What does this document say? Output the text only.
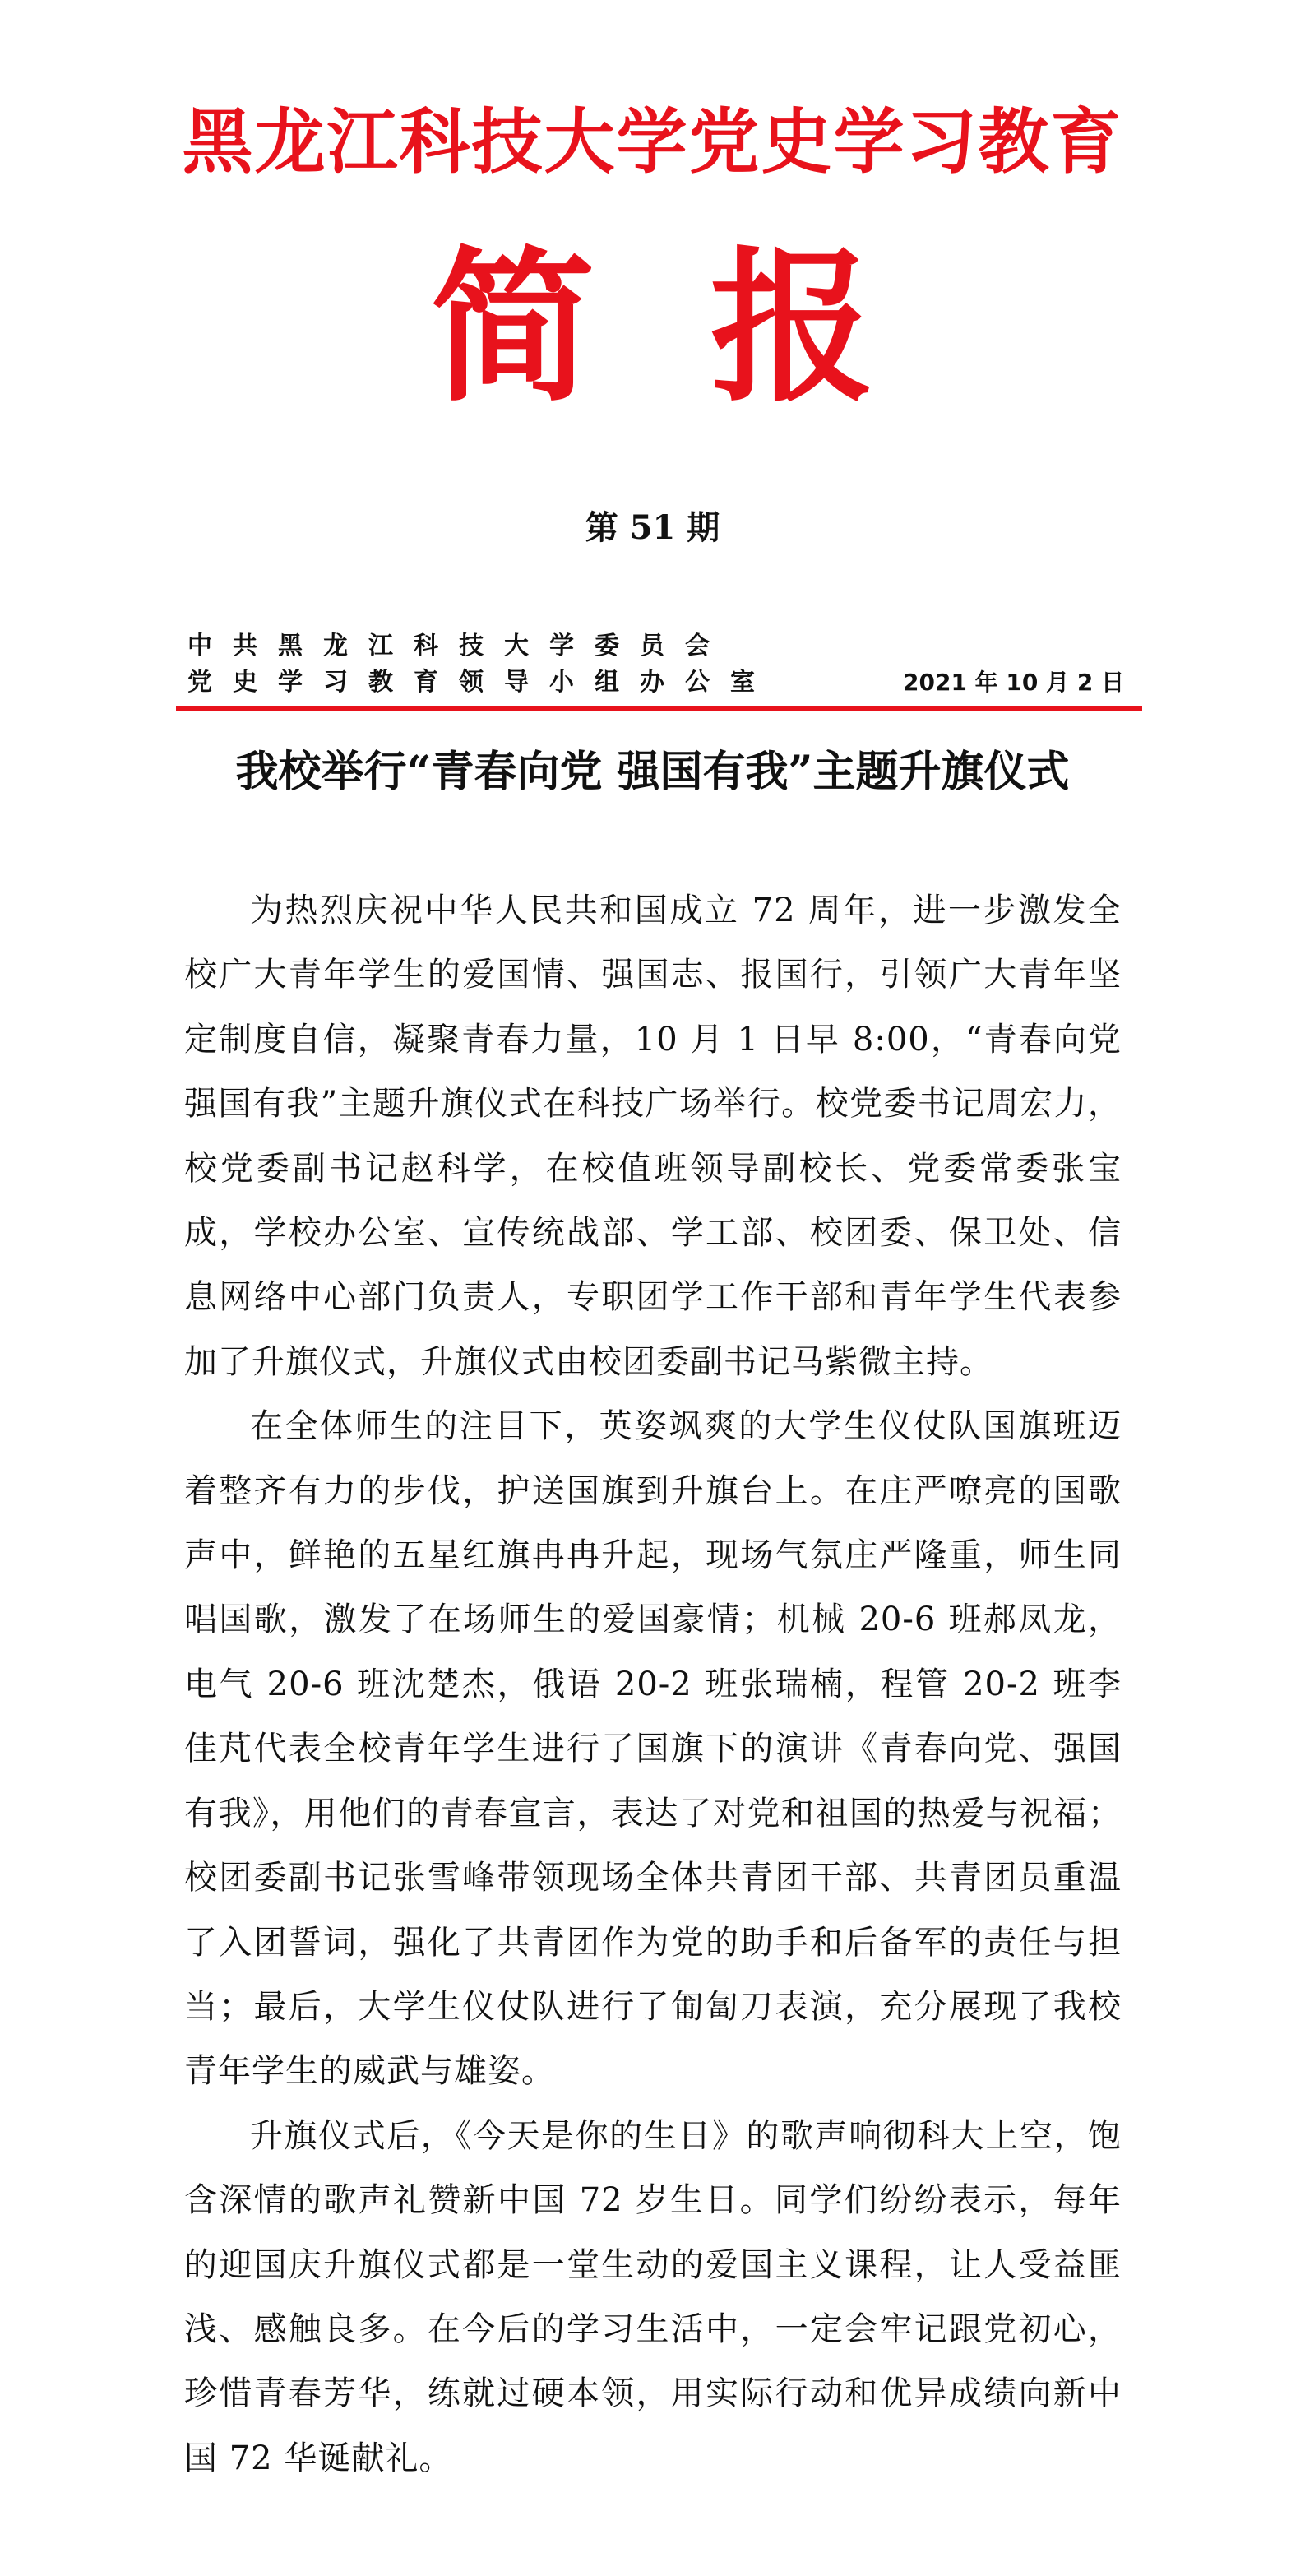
黑龙江科技大学党史学习教育
简报
第 51 期
中共黑龙江科技大学委员会
党史学习教育领导小组办公室	2021 年 10 月 2 日
我校举行“青春向党 强国有我”主题升旗仪式

为热烈庆祝中华人民共和国成立 72 周年，进一步激发全校广大青年学生的爱国情、强国志、报国行，引领广大青年坚定制度自信，凝聚青春力量，10 月 1 日早 8:00，“青春向党 强国有我”主题升旗仪式在科技广场举行。校党委书记周宏力，校党委副书记赵科学，在校值班领导副校长、党委常委张宝成，学校办公室、宣传统战部、学工部、校团委、保卫处、信息网络中心部门负责人，专职团学工作干部和青年学生代表参加了升旗仪式，升旗仪式由校团委副书记马紫微主持。

在全体师生的注目下，英姿飒爽的大学生仪仗队国旗班迈着整齐有力的步伐，护送国旗到升旗台上。在庄严嘹亮的国歌声中，鲜艳的五星红旗冉冉升起，现场气氛庄严隆重，师生同唱国歌，激发了在场师生的爱国豪情；机械 20-6 班郝凤龙，电气 20-6 班沈楚杰，俄语 20-2 班张瑞楠，程管 20-2 班李佳芃代表全校青年学生进行了国旗下的演讲《青春向党、强国有我》，用他们的青春宣言，表达了对党和祖国的热爱与祝福；校团委副书记张雪峰带领现场全体共青团干部、共青团员重温了入团誓词，强化了共青团作为党的助手和后备军的责任与担当；最后，大学生仪仗队进行了匍匐刀表演，充分展现了我校青年学生的威武与雄姿。

升旗仪式后，《今天是你的生日》的歌声响彻科大上空，饱含深情的歌声礼赞新中国 72 岁生日。同学们纷纷表示，每年的迎国庆升旗仪式都是一堂生动的爱国主义课程，让人受益匪浅、感触良多。在今后的学习生活中，一定会牢记跟党初心，珍惜青春芳华，练就过硬本领，用实际行动和优异成绩向新中国 72 华诞献礼。
